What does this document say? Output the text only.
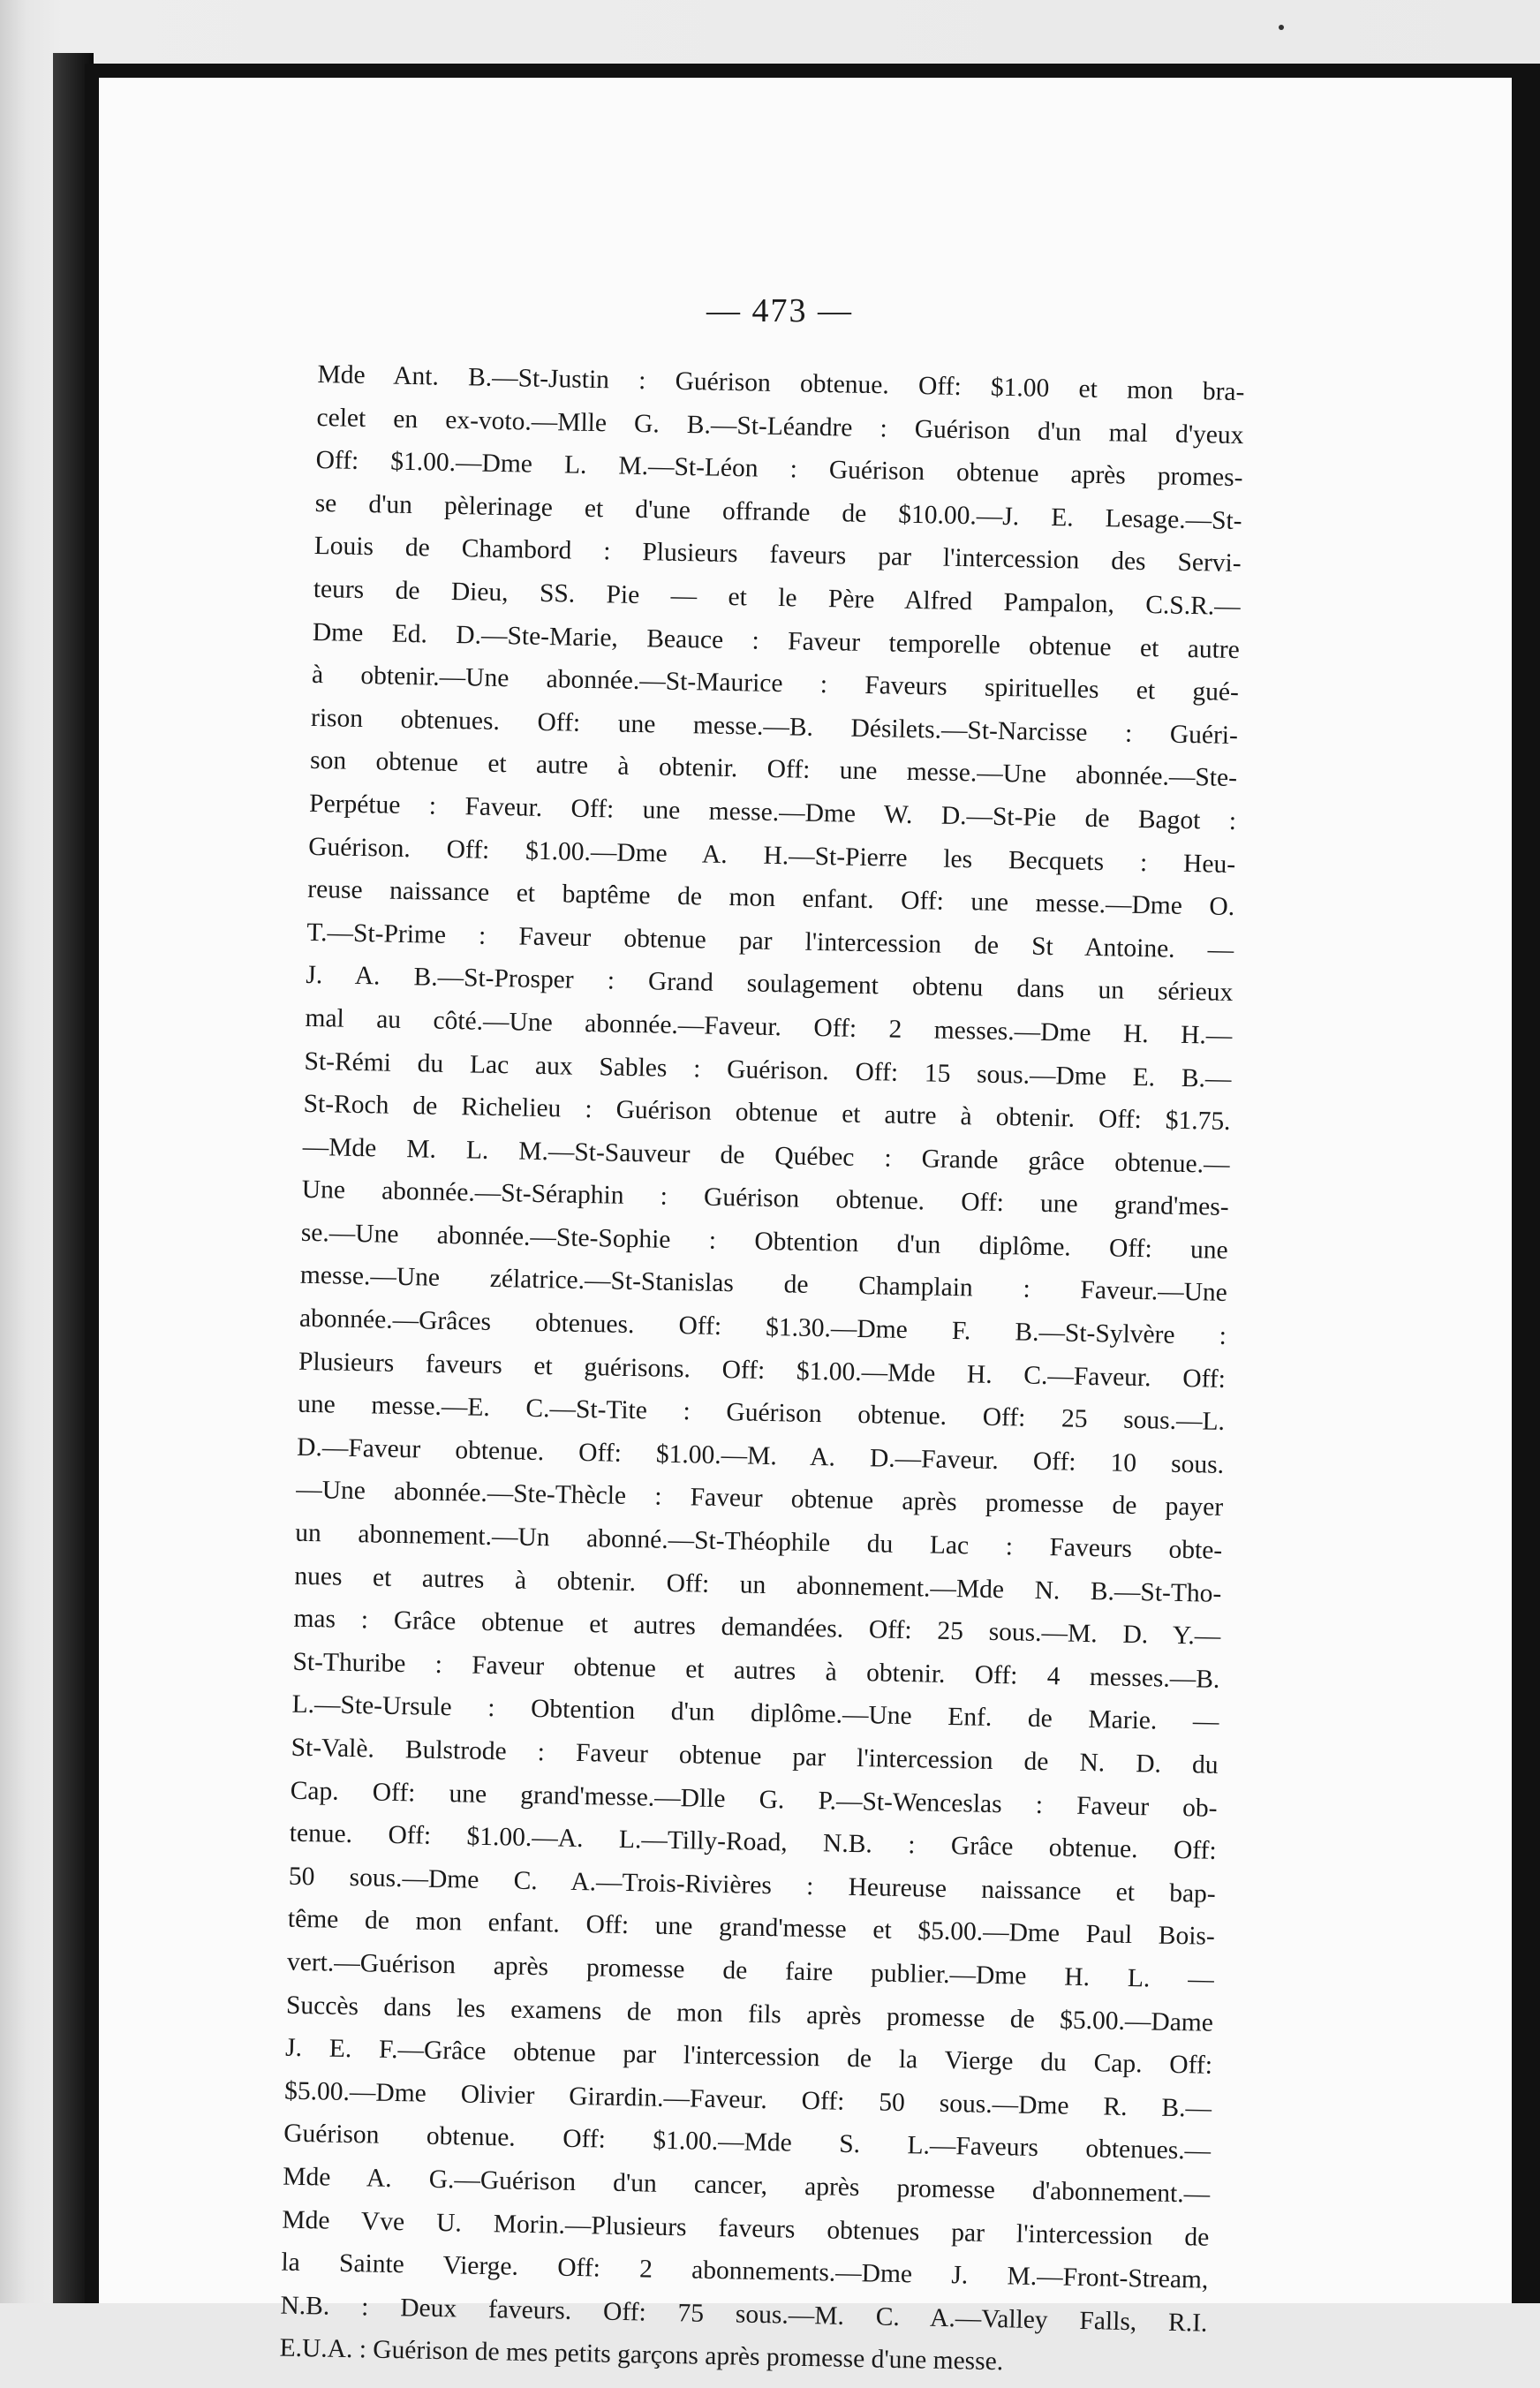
— 473 —
Mde Ant. B.—St-Justin : Guérison obtenue. Off: $1.00 et mon bra-
celet en ex-voto.—Mlle G. B.—St-Léandre : Guérison d'un mal d'yeux
Off: $1.00.—Dme L. M.—St-Léon : Guérison obtenue après promes-
se d'un pèlerinage et d'une offrande de $10.00.—J. E. Lesage.—St-
Louis de Chambord : Plusieurs faveurs par l'intercession des Servi-
teurs de Dieu, SS. Pie — et le Père Alfred Pampalon, C.S.R.—
Dme Ed. D.—Ste-Marie, Beauce : Faveur temporelle obtenue et autre
à obtenir.—Une abonnée.—St-Maurice : Faveurs spirituelles et gué-
rison obtenues. Off: une messe.—B. Désilets.—St-Narcisse : Guéri-
son obtenue et autre à obtenir. Off: une messe.—Une abonnée.—Ste-
Perpétue : Faveur. Off: une messe.—Dme W. D.—St-Pie de Bagot :
Guérison. Off: $1.00.—Dme A. H.—St-Pierre les Becquets : Heu-
reuse naissance et baptême de mon enfant. Off: une messe.—Dme O.
T.—St-Prime : Faveur obtenue par l'intercession de St Antoine. —
J. A. B.—St-Prosper : Grand soulagement obtenu dans un sérieux
mal au côté.—Une abonnée.—Faveur. Off: 2 messes.—Dme H. H.—
St-Rémi du Lac aux Sables : Guérison. Off: 15 sous.—Dme E. B.—
St-Roch de Richelieu : Guérison obtenue et autre à obtenir. Off: $1.75.
—Mde M. L. M.—St-Sauveur de Québec : Grande grâce obtenue.—
Une abonnée.—St-Séraphin : Guérison obtenue. Off: une grand'mes-
se.—Une abonnée.—Ste-Sophie : Obtention d'un diplôme. Off: une
messe.—Une zélatrice.—St-Stanislas de Champlain : Faveur.—Une
abonnée.—Grâces obtenues. Off: $1.30.—Dme F. B.—St-Sylvère :
Plusieurs faveurs et guérisons. Off: $1.00.—Mde H. C.—Faveur. Off:
une messe.—E. C.—St-Tite : Guérison obtenue. Off: 25 sous.—L.
D.—Faveur obtenue. Off: $1.00.—M. A. D.—Faveur. Off: 10 sous.
—Une abonnée.—Ste-Thècle : Faveur obtenue après promesse de payer
un abonnement.—Un abonné.—St-Théophile du Lac : Faveurs obte-
nues et autres à obtenir. Off: un abonnement.—Mde N. B.—St-Tho-
mas : Grâce obtenue et autres demandées. Off: 25 sous.—M. D. Y.—
St-Thuribe : Faveur obtenue et autres à obtenir. Off: 4 messes.—B.
L.—Ste-Ursule : Obtention d'un diplôme.—Une Enf. de Marie. —
St-Valè. Bulstrode : Faveur obtenue par l'intercession de N. D. du
Cap. Off: une grand'messe.—Dlle G. P.—St-Wenceslas : Faveur ob-
tenue. Off: $1.00.—A. L.—Tilly-Road, N.B. : Grâce obtenue. Off:
50 sous.—Dme C. A.—Trois-Rivières : Heureuse naissance et bap-
tême de mon enfant. Off: une grand'messe et $5.00.—Dme Paul Bois-
vert.—Guérison après promesse de faire publier.—Dme H. L. —
Succès dans les examens de mon fils après promesse de $5.00.—Dame
J. E. F.—Grâce obtenue par l'intercession de la Vierge du Cap. Off:
$5.00.—Dme Olivier Girardin.—Faveur. Off: 50 sous.—Dme R. B.—
Guérison obtenue. Off: $1.00.—Mde S. L.—Faveurs obtenues.—
Mde A. G.—Guérison d'un cancer, après promesse d'abonnement.—
Mde Vve U. Morin.—Plusieurs faveurs obtenues par l'intercession de
la Sainte Vierge. Off: 2 abonnements.—Dme J. M.—Front-Stream,
N.B. : Deux faveurs. Off: 75 sous.—M. C. A.—Valley Falls, R.I.
E.U.A. : Guérison de mes petits garçons après promesse d'une messe.
